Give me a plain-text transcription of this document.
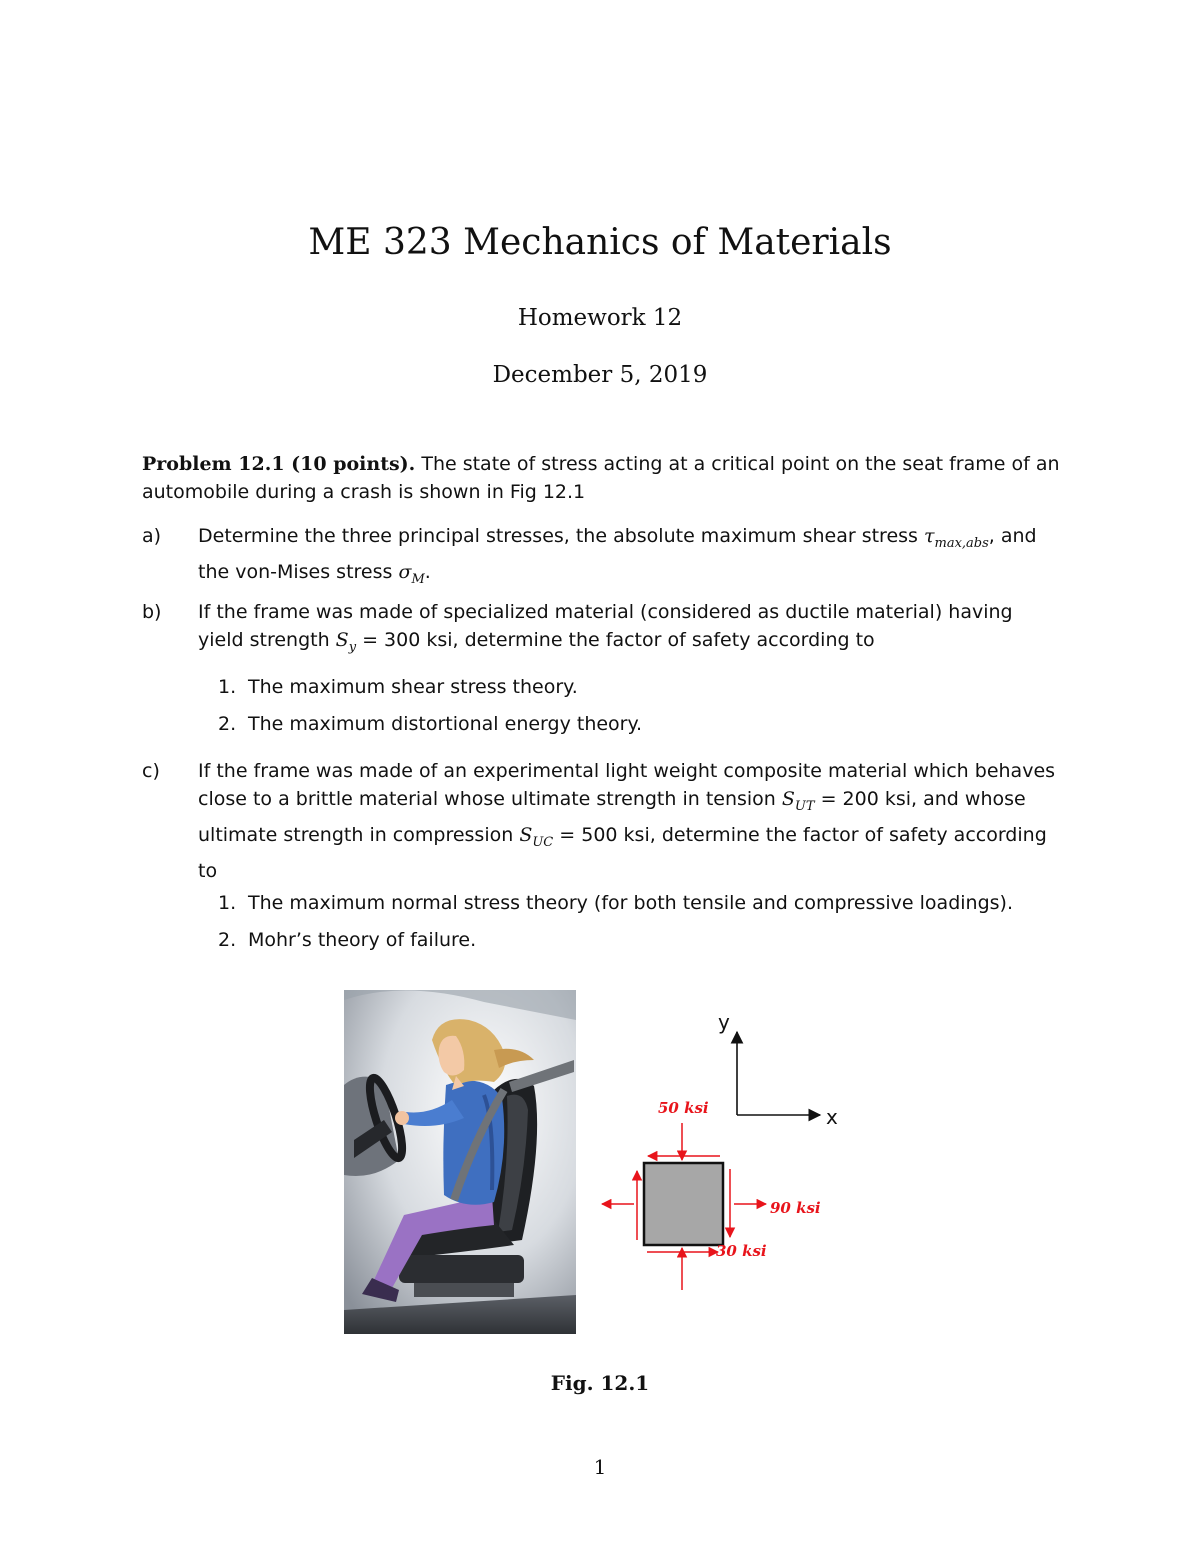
ME 323 Mechanics of Materials

Homework 12

December 5, 2019

Problem 12.1 (10 points). The state of stress acting at a critical point on the seat frame of an automobile during a crash is shown in Fig 12.1

a) Determine the three principal stresses, the absolute maximum shear stress $\tau_{max,abs}$, and the von-Mises stress $\sigma_M$.
b) If the frame was made of specialized material (considered as ductile material) having yield strength $S_y = 300$ ksi, determine the factor of safety according to
1. The maximum shear stress theory.
2. The maximum distortional energy theory.
c) If the frame was made of an experimental light weight composite material which behaves close to a brittle material whose ultimate strength in tension $S_{UT} = 200$ ksi, and whose ultimate strength in compression $S_{UC} = 500$ ksi, determine the factor of safety according to
1. The maximum normal stress theory (for both tensile and compressive loadings).
2. Mohr’s theory of failure.
y
x
50 ksi
90 ksi
30 ksi

Fig. 12.1

1
